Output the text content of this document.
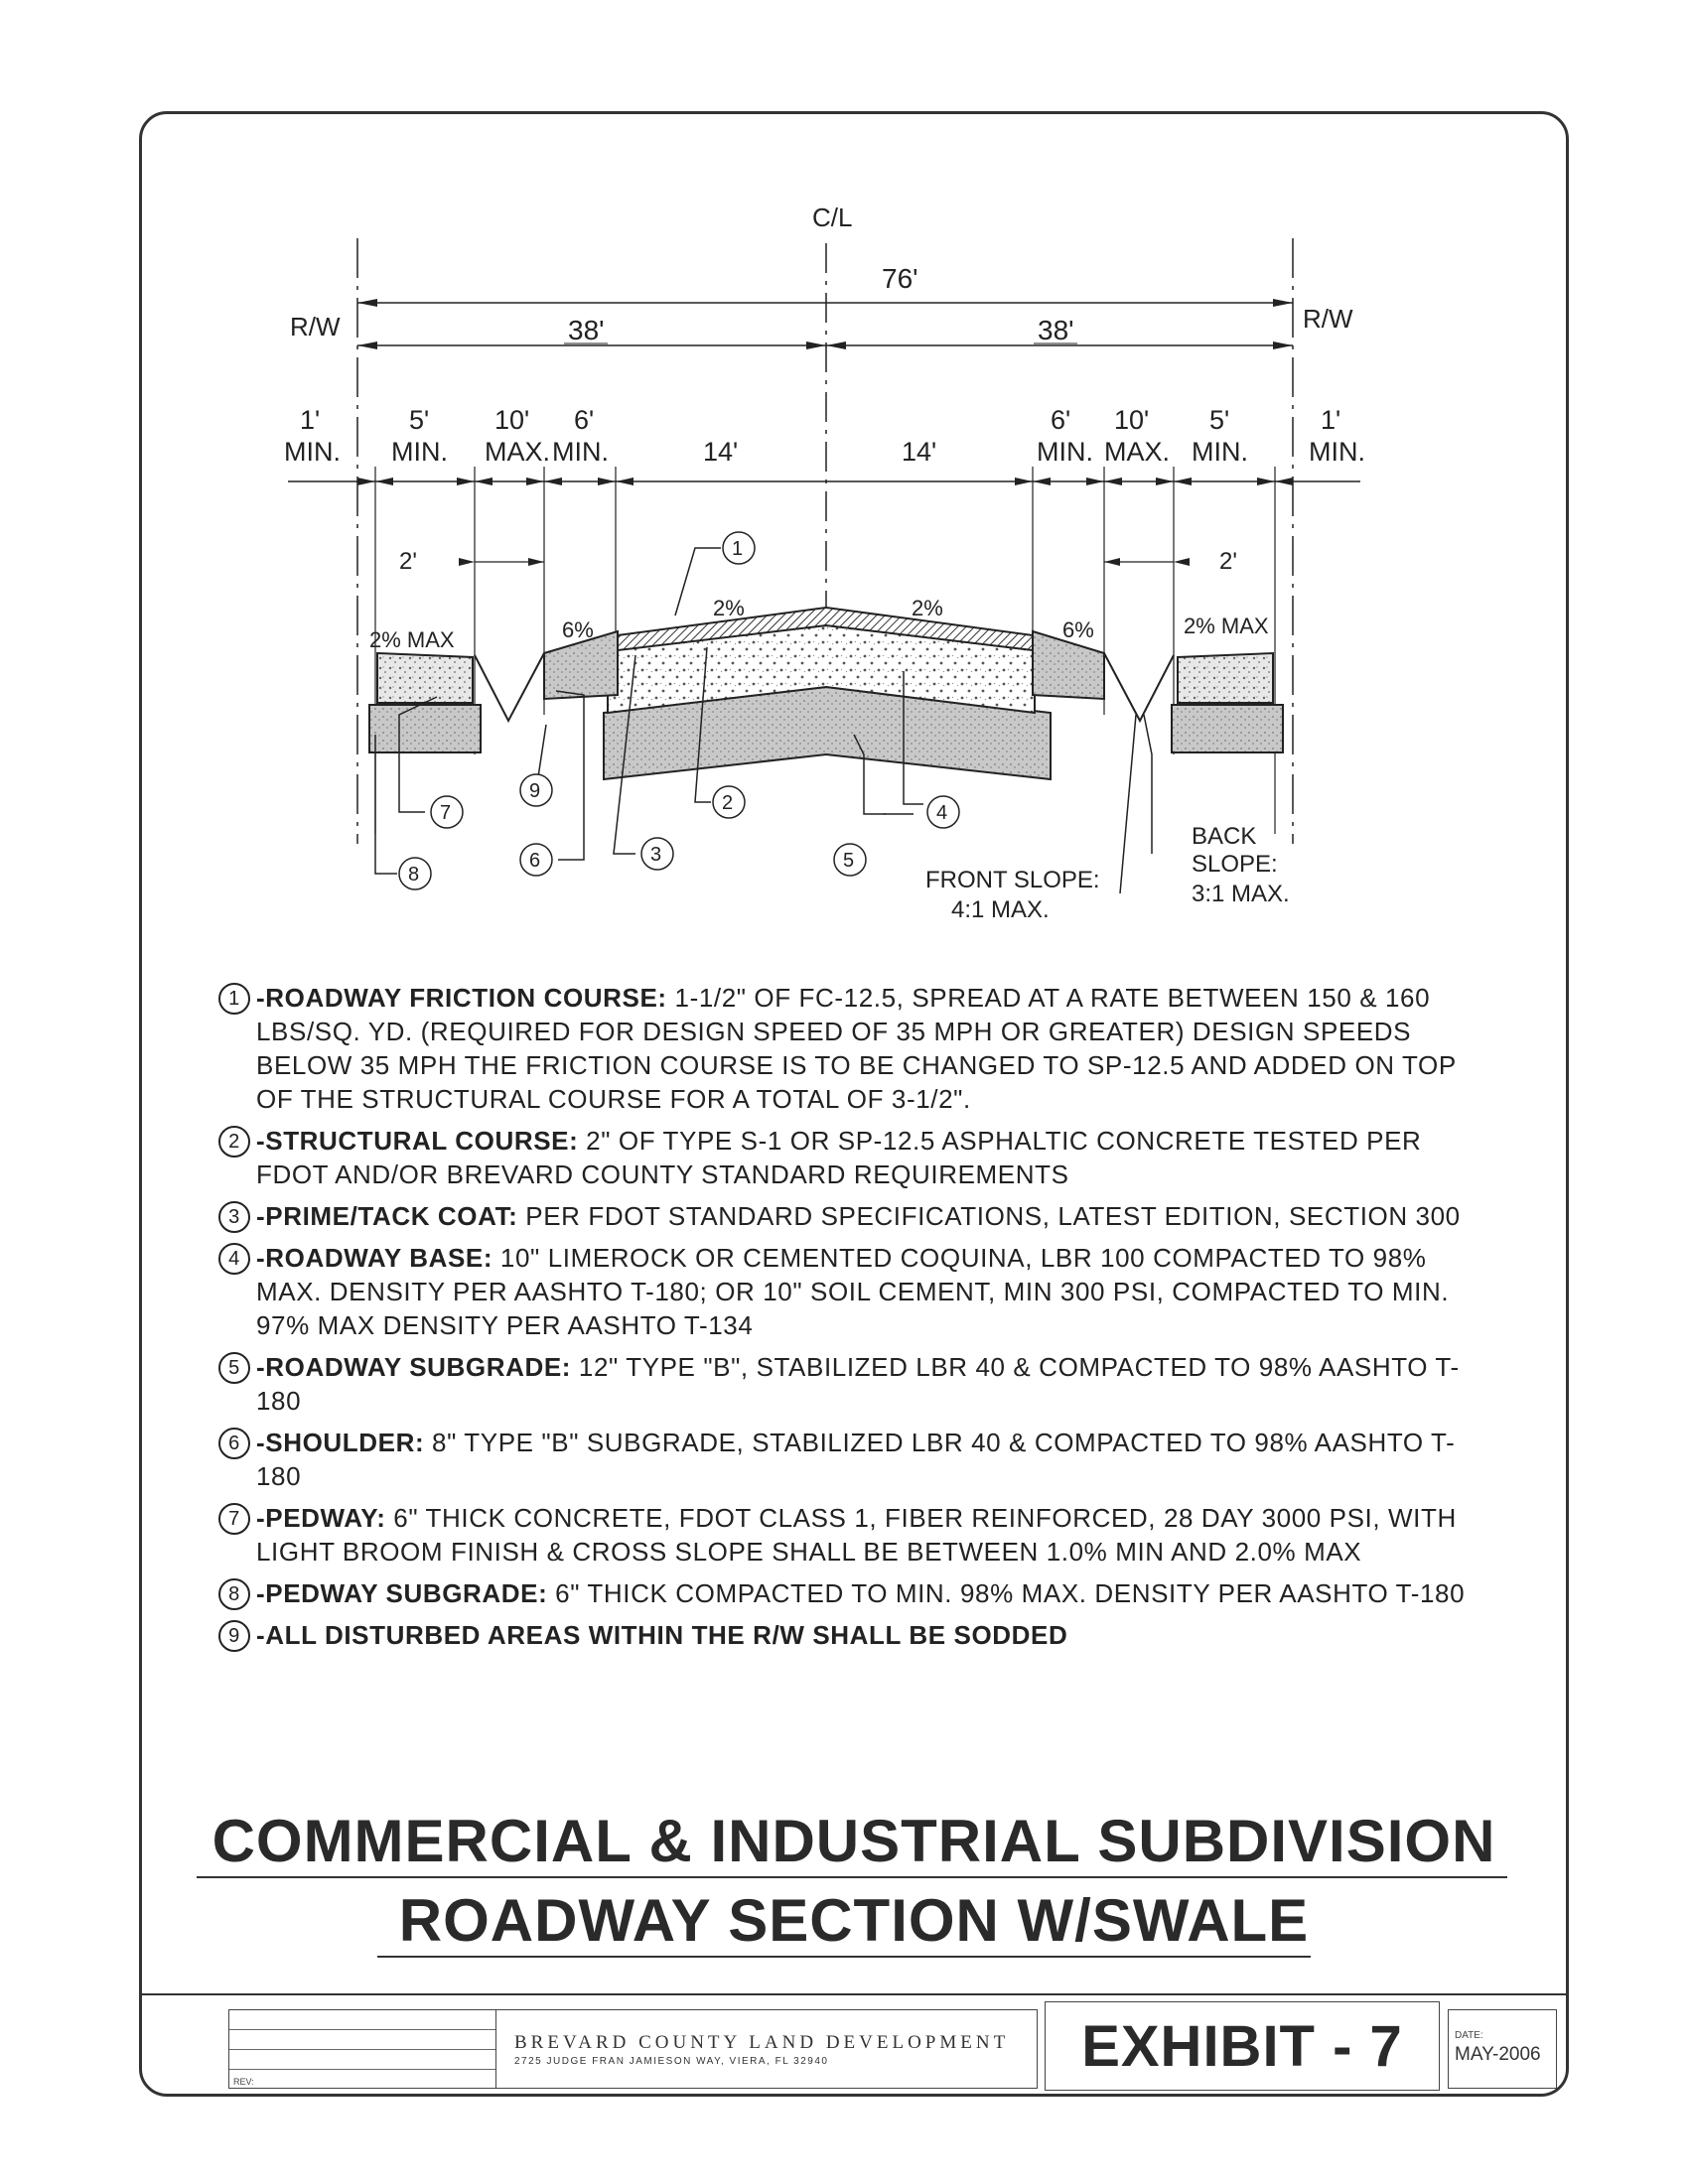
C/L
76'
38'	38'
R/W	R/W
1'
MIN.
5'
MIN.
10'
MAX.
6'
MIN.	14'	14'
6'
MIN.
10'
MAX.
5'
MIN.
1'
MIN.
2'	2'
2% MAX	6%
2%	2%
6%	2% MAX
1
2
3
4
5
6
7
8
9
FRONT SLOPE:
4:1 MAX.
BACK
SLOPE:
3:1 MAX.
1 -ROADWAY FRICTION COURSE: 1-1/2" OF FC-12.5, SPREAD AT A RATE BETWEEN 150 & 160 LBS/SQ. YD. (REQUIRED FOR DESIGN SPEED OF 35 MPH OR GREATER) DESIGN SPEEDS BELOW 35 MPH THE FRICTION COURSE IS TO BE CHANGED TO SP-12.5 AND ADDED ON TOP OF THE STRUCTURAL COURSE FOR A TOTAL OF 3-1/2".
2 -STRUCTURAL COURSE: 2" OF TYPE S-1 OR SP-12.5 ASPHALTIC CONCRETE TESTED PER FDOT AND/OR BREVARD COUNTY STANDARD REQUIREMENTS
3 -PRIME/TACK COAT: PER FDOT STANDARD SPECIFICATIONS, LATEST EDITION, SECTION 300
4 -ROADWAY BASE: 10" LIMEROCK OR CEMENTED COQUINA, LBR 100 COMPACTED TO 98% MAX. DENSITY PER AASHTO T-180; OR 10" SOIL CEMENT, MIN 300 PSI, COMPACTED TO MIN. 97% MAX DENSITY PER AASHTO T-134
5 -ROADWAY SUBGRADE: 12" TYPE "B", STABILIZED LBR 40 & COMPACTED TO 98% AASHTO T-180
6 -SHOULDER: 8" TYPE "B" SUBGRADE, STABILIZED LBR 40 & COMPACTED TO 98% AASHTO T-180
7 -PEDWAY: 6" THICK CONCRETE, FDOT CLASS 1, FIBER REINFORCED, 28 DAY 3000 PSI, WITH LIGHT BROOM FINISH & CROSS SLOPE SHALL BE BETWEEN 1.0% MIN AND 2.0% MAX
8 -PEDWAY SUBGRADE: 6" THICK COMPACTED TO MIN. 98% MAX. DENSITY PER AASHTO T-180
9 -ALL DISTURBED AREAS WITHIN THE R/W SHALL BE SODDED
COMMERCIAL & INDUSTRIAL SUBDIVISION
ROADWAY SECTION W/SWALE
REV:
BREVARD COUNTY LAND DEVELOPMENT
2725 JUDGE FRAN JAMIESON WAY, VIERA, FL 32940	EXHIBIT - 7	DATE:
MAY-2006
